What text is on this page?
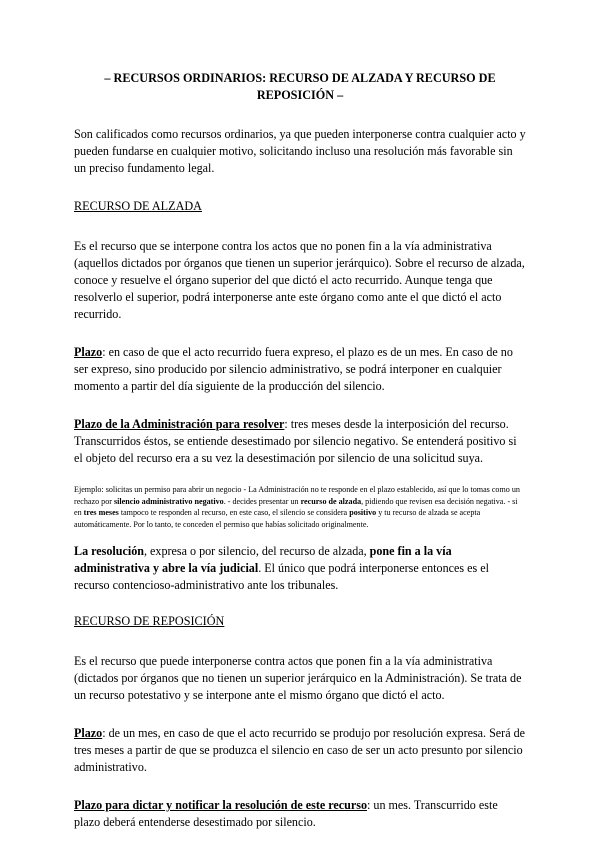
– RECURSOS ORDINARIOS: RECURSO DE ALZADA Y RECURSO DE REPOSICIÓN –

Son calificados como recursos ordinarios, ya que pueden interponerse contra cualquier acto y pueden fundarse en cualquier motivo, solicitando incluso una resolución más favorable sin un preciso fundamento legal.

RECURSO DE ALZADA

Es el recurso que se interpone contra los actos que no ponen fin a la vía administrativa (aquellos dictados por órganos que tienen un superior jerárquico). Sobre el recurso de alzada, conoce y resuelve el órgano superior del que dictó el acto recurrido. Aunque tenga que resolverlo el superior, podrá interponerse ante este órgano como ante el que dictó el acto recurrido.

Plazo: en caso de que el acto recurrido fuera expreso, el plazo es de un mes. En caso de no ser expreso, sino producido por silencio administrativo, se podrá interponer en cualquier momento a partir del día siguiente de la producción del silencio.

Plazo de la Administración para resolver: tres meses desde la interposición del recurso. Transcurridos éstos, se entiende desestimado por silencio negativo. Se entenderá positivo si el objeto del recurso era a su vez la desestimación por silencio de una solicitud suya.

Ejemplo: solicitas un permiso para abrir un negocio - La Administración no te responde en el plazo establecido, así que lo tomas como un rechazo por silencio administrativo negativo. - decides presentar un recurso de alzada, pidiendo que revisen esa decisión negativa. - si en tres meses tampoco te responden al recurso, en este caso, el silencio se considera positivo y tu recurso de alzada se acepta automáticamente. Por lo tanto, te conceden el permiso que habías solicitado originalmente.

La resolución, expresa o por silencio, del recurso de alzada, pone fin a la vía administrativa y abre la vía judicial. El único que podrá interponerse entonces es el recurso contencioso-administrativo ante los tribunales.

RECURSO DE REPOSICIÓN

Es el recurso que puede interponerse contra actos que ponen fin a la vía administrativa (dictados por órganos que no tienen un superior jerárquico en la Administración). Se trata de un recurso potestativo y se interpone ante el mismo órgano que dictó el acto.

Plazo: de un mes, en caso de que el acto recurrido se produjo por resolución expresa. Será de tres meses a partir de que se produzca el silencio en caso de ser un acto presunto por silencio administrativo.

Plazo para dictar y notificar la resolución de este recurso: un mes. Transcurrido este plazo deberá entenderse desestimado por silencio.
